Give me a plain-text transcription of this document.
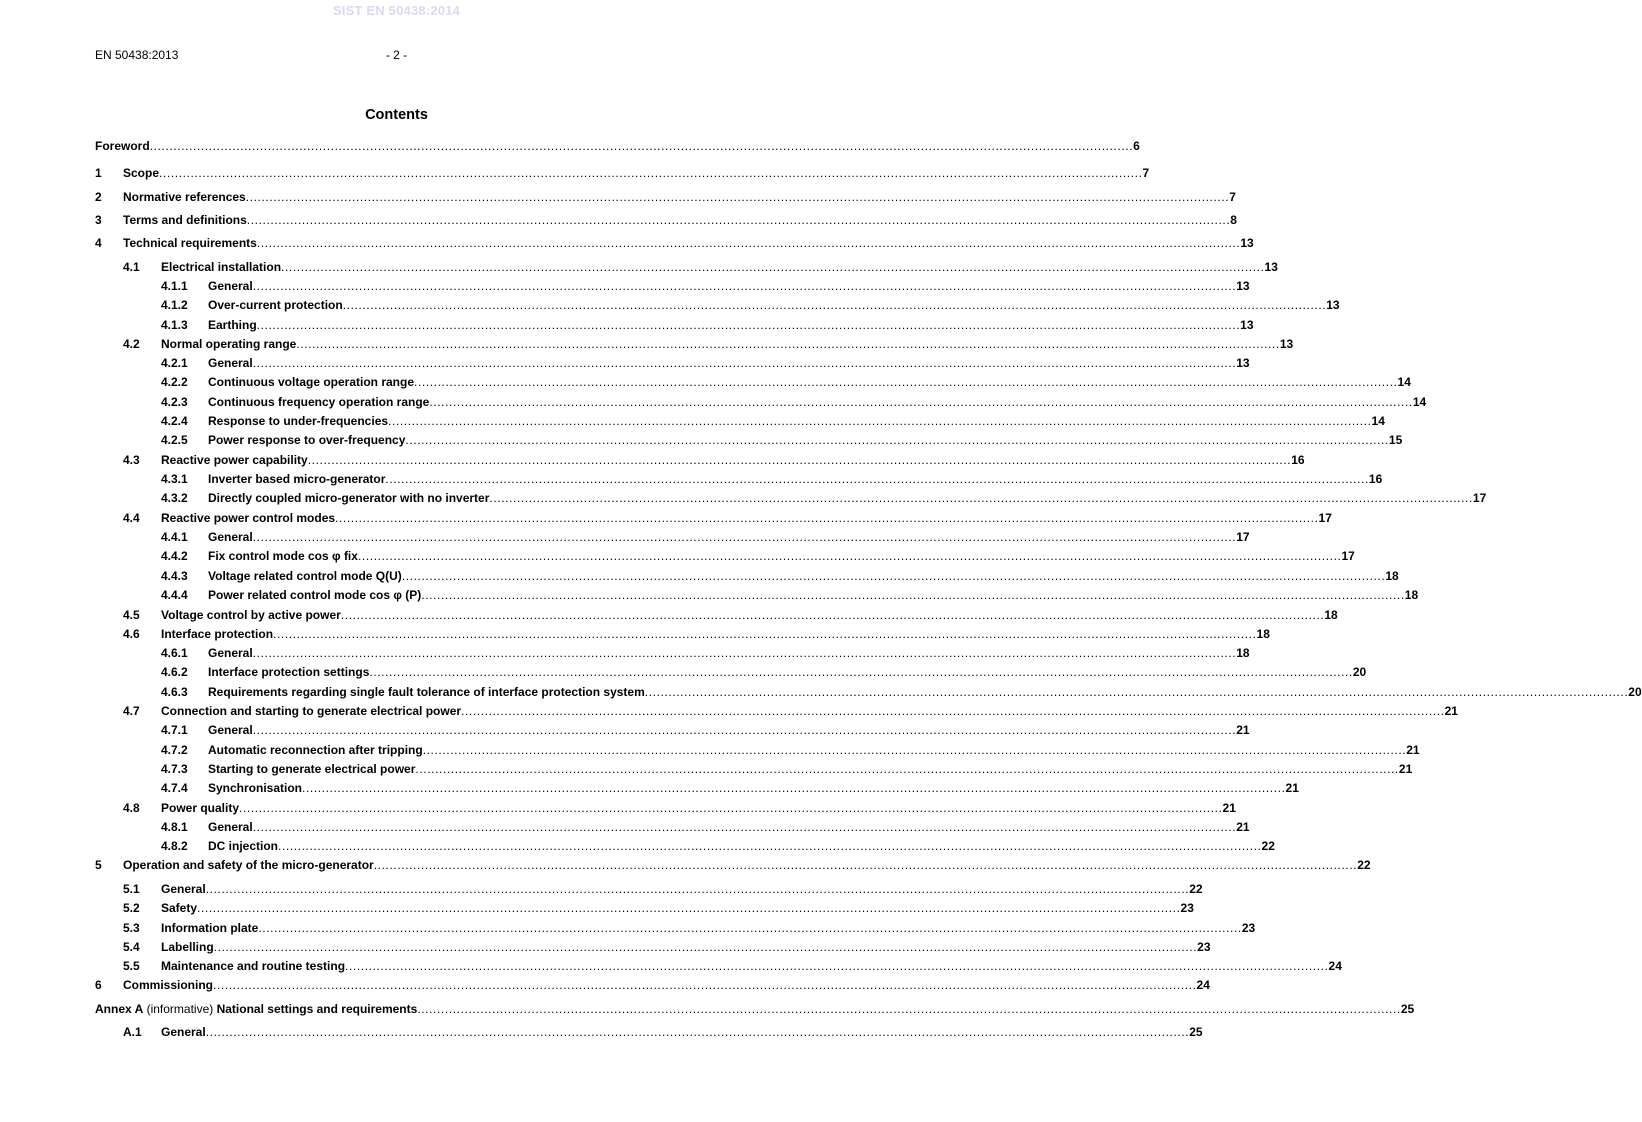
SIST EN 50438:2014
EN 50438:2013	- 2 -
Contents
Foreword .......................................................................................................................................................................................................................................................... 6
1 Scope .......................................................................................................................................................................................................................................................... 7
2 Normative references .......................................................................................................................................................................................................................................................... 7
3 Terms and definitions .......................................................................................................................................................................................................................................................... 8
4 Technical requirements .......................................................................................................................................................................................................................................................... 13
4.1 Electrical installation .......................................................................................................................................................................................................................................................... 13
4.1.1 General .......................................................................................................................................................................................................................................................... 13
4.1.2 Over-current protection .......................................................................................................................................................................................................................................................... 13
4.1.3 Earthing .......................................................................................................................................................................................................................................................... 13
4.2 Normal operating range .......................................................................................................................................................................................................................................................... 13
4.2.1 General .......................................................................................................................................................................................................................................................... 13
4.2.2 Continuous voltage operation range .......................................................................................................................................................................................................................................................... 14
4.2.3 Continuous frequency operation range .......................................................................................................................................................................................................................................................... 14
4.2.4 Response to under-frequencies .......................................................................................................................................................................................................................................................... 14
4.2.5 Power response to over-frequency .......................................................................................................................................................................................................................................................... 15
4.3 Reactive power capability .......................................................................................................................................................................................................................................................... 16
4.3.1 Inverter based micro-generator .......................................................................................................................................................................................................................................................... 16
4.3.2 Directly coupled micro-generator with no inverter .......................................................................................................................................................................................................................................................... 17
4.4 Reactive power control modes .......................................................................................................................................................................................................................................................... 17
4.4.1 General .......................................................................................................................................................................................................................................................... 17
4.4.2 Fix control mode cos φ fix .......................................................................................................................................................................................................................................................... 17
4.4.3 Voltage related control mode Q(U) .......................................................................................................................................................................................................................................................... 18
4.4.4 Power related control mode cos φ (P) .......................................................................................................................................................................................................................................................... 18
4.5 Voltage control by active power .......................................................................................................................................................................................................................................................... 18
4.6 Interface protection .......................................................................................................................................................................................................................................................... 18
4.6.1 General .......................................................................................................................................................................................................................................................... 18
4.6.2 Interface protection settings .......................................................................................................................................................................................................................................................... 20
4.6.3 Requirements regarding single fault tolerance of interface protection system .......................................................................................................................................................................................................................................................... 20
4.7 Connection and starting to generate electrical power .......................................................................................................................................................................................................................................................... 21
4.7.1 General .......................................................................................................................................................................................................................................................... 21
4.7.2 Automatic reconnection after tripping .......................................................................................................................................................................................................................................................... 21
4.7.3 Starting to generate electrical power .......................................................................................................................................................................................................................................................... 21
4.7.4 Synchronisation .......................................................................................................................................................................................................................................................... 21
4.8 Power quality .......................................................................................................................................................................................................................................................... 21
4.8.1 General .......................................................................................................................................................................................................................................................... 21
4.8.2 DC injection .......................................................................................................................................................................................................................................................... 22
5 Operation and safety of the micro-generator .......................................................................................................................................................................................................................................................... 22
5.1 General .......................................................................................................................................................................................................................................................... 22
5.2 Safety .......................................................................................................................................................................................................................................................... 23
5.3 Information plate .......................................................................................................................................................................................................................................................... 23
5.4 Labelling .......................................................................................................................................................................................................................................................... 23
5.5 Maintenance and routine testing .......................................................................................................................................................................................................................................................... 24
6 Commissioning .......................................................................................................................................................................................................................................................... 24
Annex A (informative) National settings and requirements .......................................................................................................................................................................................................................................................... 25
A.1 General .......................................................................................................................................................................................................................................................... 25
